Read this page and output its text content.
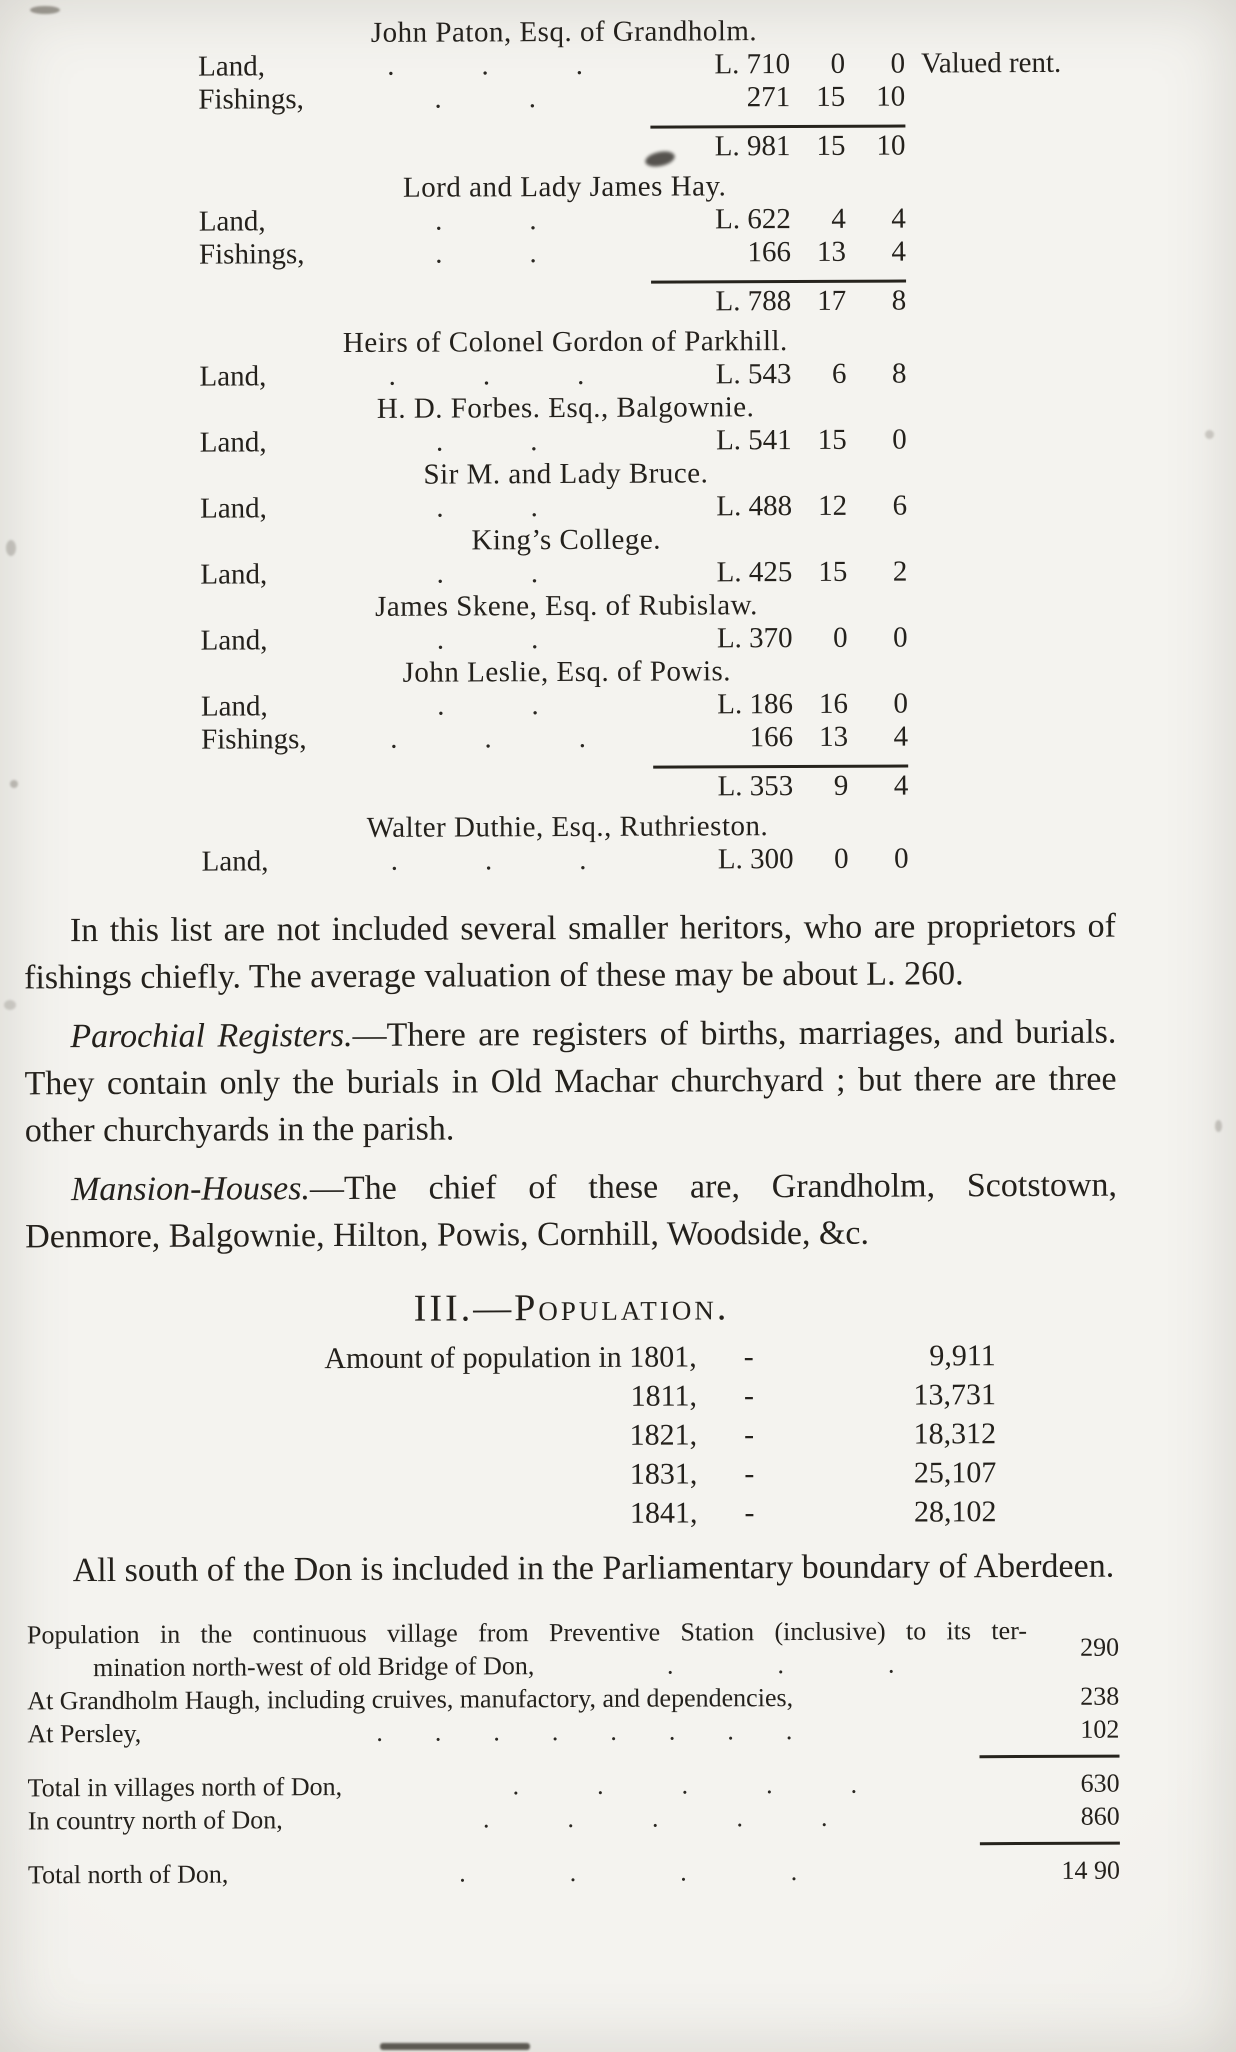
John Paton, Esq. of Grandholm.					
Land,	.   .   .	L. 710	0	0	Valued rent.
Fishings,	.   .	271	15	10	

		L. 981	15	10	
Lord and Lady James Hay.					
Land,	.   .	L. 622	4	4	
Fishings,	.   .	166	13	4	

		L. 788	17	8	
Heirs of Colonel Gordon of Parkhill.					
Land,	.   .   .	L. 543	6	8	
H. D. Forbes. Esq., Balgownie.					
Land,	.   .	L. 541	15	0	
Sir M. and Lady Bruce.					
Land,	.   .	L. 488	12	6	
King’s College.					
Land,	.   .	L. 425	15	2	
James Skene, Esq. of Rubislaw.					
Land,	.   .	L. 370	0	0	
John Leslie, Esq. of Powis.					
Land,	.   .	L. 186	16	0	
Fishings,	.   .   .	166	13	4	

		L. 353	9	4	
Walter Duthie, Esq., Ruthrieston.					
Land,	.   .   .	L. 300	0	0	

In this list are not included several smaller heritors, who are proprietors of fishings chiefly. The average valuation of these may be about L. 260.

Parochial Registers.—There are registers of births, marriages, and burials. They contain only the burials in Old Machar churchyard ; but there are three other churchyards in the parish.

Mansion-Houses.—The chief of these are, Grandholm, Scotstown, Denmore, Balgownie, Hilton, Powis, Cornhill, Woodside, &c.

III.—Population.
Amount of population in 1801,	-	9,911
1811,	-	13,731
1821,	-	18,312
1831,	-	25,107
1841,	-	28,102

All south of the Don is included in the Parliamentary boundary of Aberdeen.

Population in the continuous village from Preventive Station (inclusive) to its ter-
mination north-west of old Bridge of Don,	.    .    .
290
At Grandholm Haugh, including cruives, manufactory, and dependencies,	238
At Persley,	.  .  .  .  .  .  .  .	102
Total in villages north of Don,	.   .   .   .   .	630
In country north of Don,	.   .   .   .   .	860
Total north of Don,	.    .    .    .	14 90
